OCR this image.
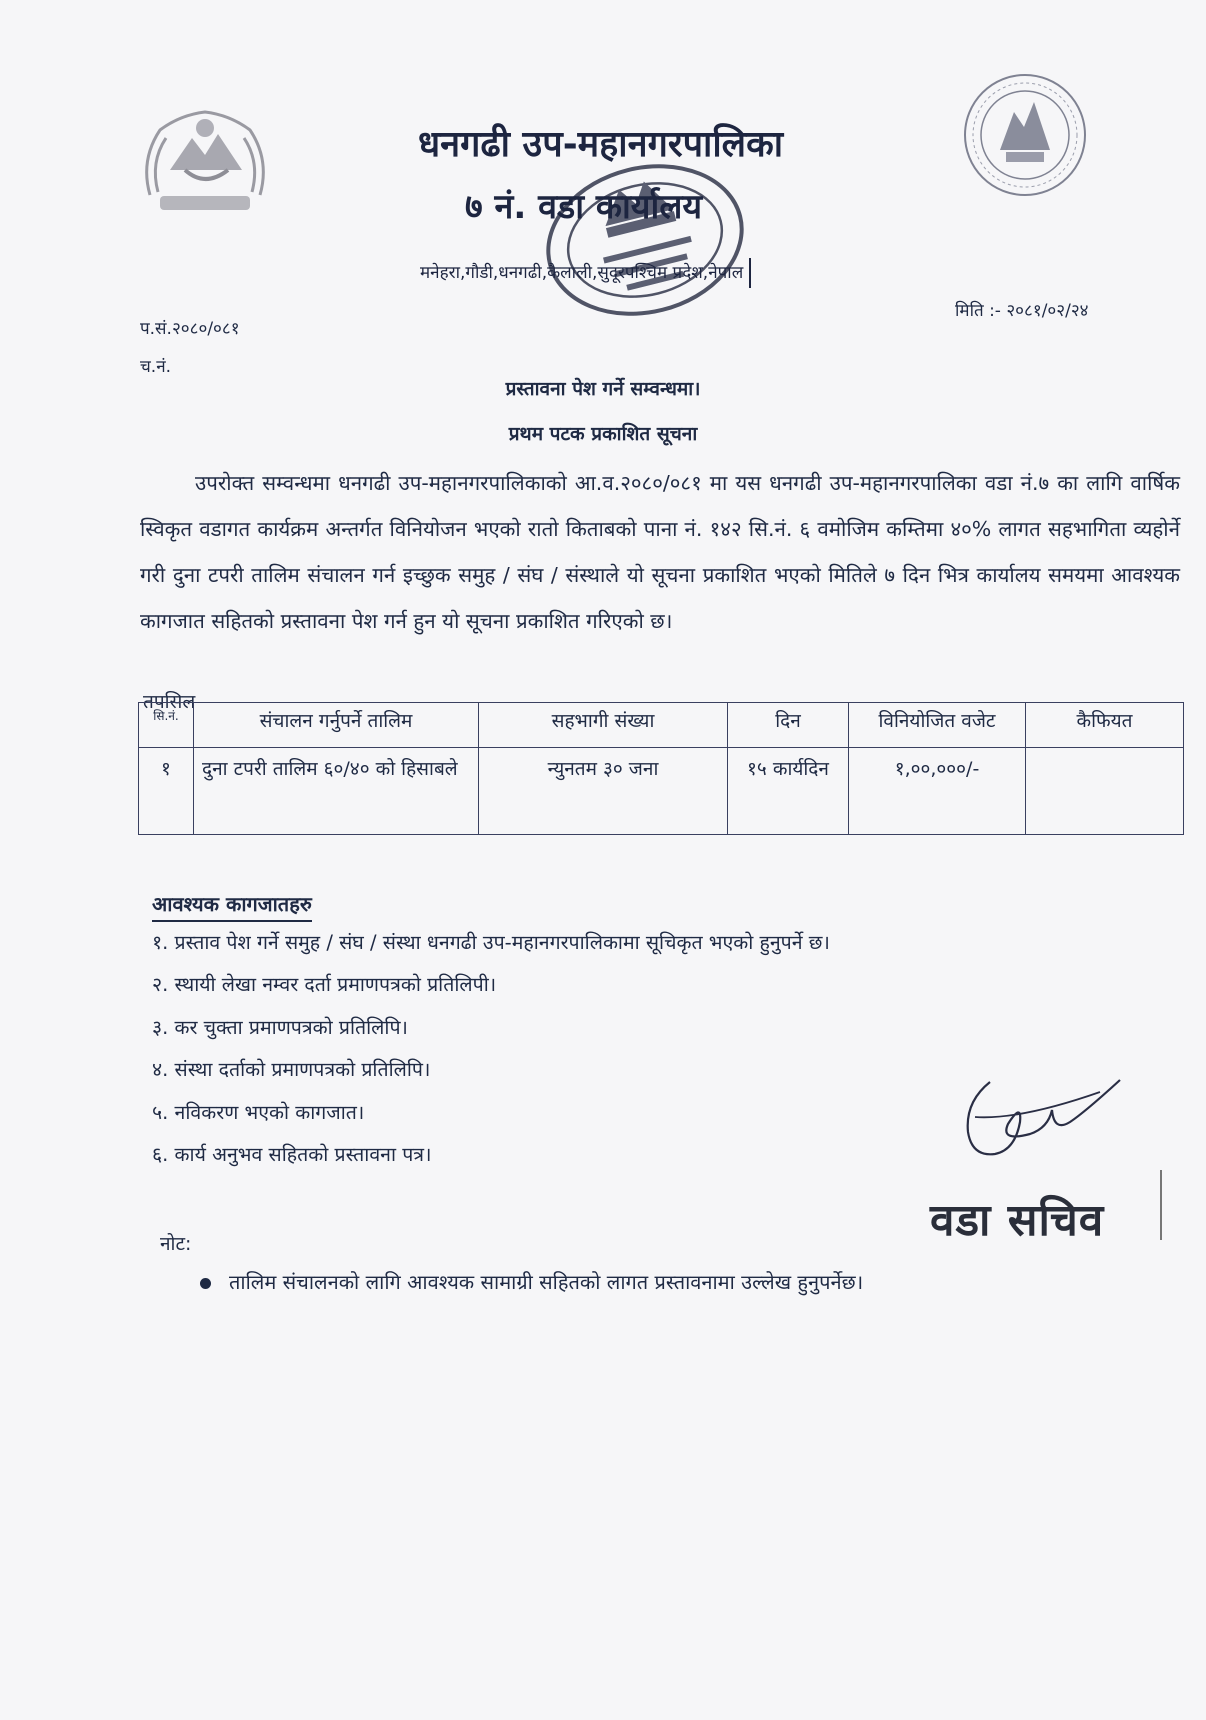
धनगढी उप-महानगरपालिका
७ नं. वडा कार्यालय
मनेहरा,गौडी,धनगढी,कैलाली,सुदूरपश्चिम प्रदेश,नेपाल
प.सं.२०८०/०८१
च.नं.
मिति :- २०८१/०२/२४
प्रस्तावना पेश गर्ने सम्वन्धमा।
प्रथम पटक प्रकाशित सूचना

उपरोक्त सम्वन्धमा धनगढी उप-महानगरपालिकाको आ.व.२०८०/०८१ मा यस धनगढी उप-महानगरपालिका वडा नं.७ का लागि वार्षिक स्विकृत वडागत कार्यक्रम अन्तर्गत विनियोजन भएको रातो किताबको पाना नं. १४२ सि.नं. ६ वमोजिम कम्तिमा ४०% लागत सहभागिता व्यहोर्ने गरी दुना टपरी तालिम संचालन गर्न इच्छुक समुह / संघ / संस्थाले यो सूचना प्रकाशित भएको मितिले ७ दिन भित्र कार्यालय समयमा आवश्यक कागजात सहितको प्रस्तावना पेश गर्न हुन यो सूचना प्रकाशित गरिएको छ।

तपसिल
सि.नं.	संचालन गर्नुपर्ने तालिम	सहभागी संख्या	दिन	विनियोजित वजेट	कैफियत
१	दुना टपरी तालिम ६०/४० को हिसाबले	न्युनतम ३० जना	१५ कार्यदिन	१,००,०००/-	
आवश्यक कागजातहरु
१. प्रस्ताव पेश गर्ने समुह / संघ / संस्था धनगढी उप-महानगरपालिकामा सूचिकृत भएको हुनुपर्ने छ।
२. स्थायी लेखा नम्वर दर्ता प्रमाणपत्रको प्रतिलिपी।
३. कर चुक्ता प्रमाणपत्रको प्रतिलिपि।
४. संस्था दर्ताको प्रमाणपत्रको प्रतिलिपि।
५. नविकरण भएको कागजात।
६. कार्य अनुभव सहितको प्रस्तावना पत्र।
वडा सचिव
नोट:
तालिम संचालनको लागि आवश्यक सामाग्री सहितको लागत प्रस्तावनामा उल्लेख हुनुपर्नेछ।
